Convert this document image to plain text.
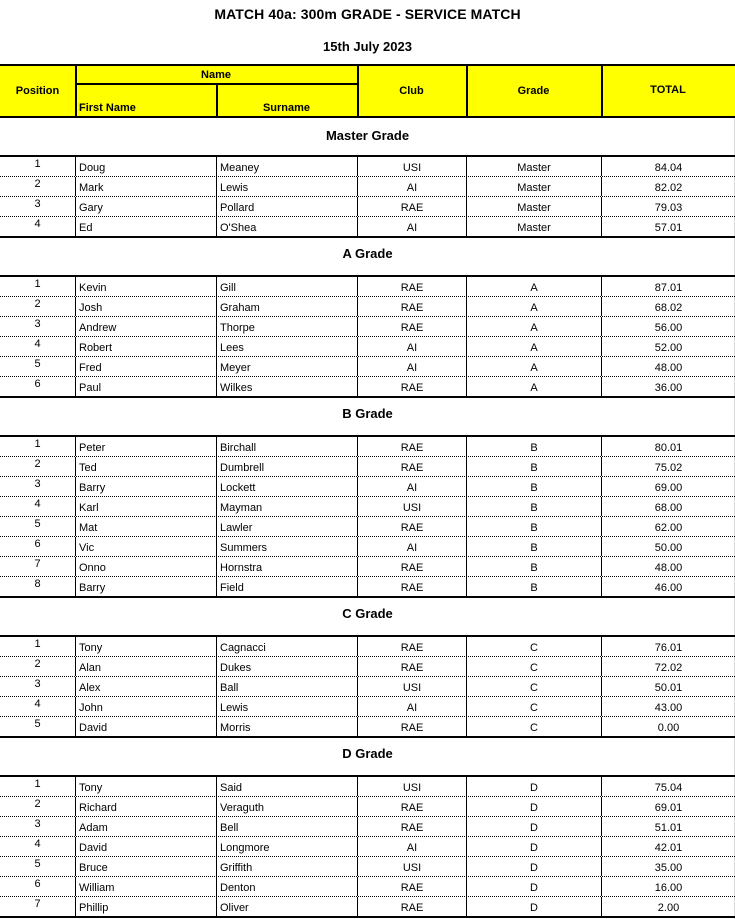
MATCH 40a: 300m GRADE - SERVICE MATCH
15th July 2023
Position
Name
First Name	Surname
Club	Grade	TOTAL
Master Grade
1	Doug	Meaney	USI	Master	84.04
2	Mark	Lewis	AI	Master	82.02
3	Gary	Pollard	RAE	Master	79.03
4	Ed	O'Shea	AI	Master	57.01
A Grade
1	Kevin	Gill	RAE	A	87.01
2	Josh	Graham	RAE	A	68.02
3	Andrew	Thorpe	RAE	A	56.00
4	Robert	Lees	AI	A	52.00
5	Fred	Meyer	AI	A	48.00
6	Paul	Wilkes	RAE	A	36.00
B Grade
1	Peter	Birchall	RAE	B	80.01
2	Ted	Dumbrell	RAE	B	75.02
3	Barry	Lockett	AI	B	69.00
4	Karl	Mayman	USI	B	68.00
5	Mat	Lawler	RAE	B	62.00
6	Vic	Summers	AI	B	50.00
7	Onno	Hornstra	RAE	B	48.00
8	Barry	Field	RAE	B	46.00
C Grade
1	Tony	Cagnacci	RAE	C	76.01
2	Alan	Dukes	RAE	C	72.02
3	Alex	Ball	USI	C	50.01
4	John	Lewis	AI	C	43.00
5	David	Morris	RAE	C	0.00
D Grade
1	Tony	Said	USI	D	75.04
2	Richard	Veraguth	RAE	D	69.01
3	Adam	Bell	RAE	D	51.01
4	David	Longmore	AI	D	42.01
5	Bruce	Griffith	USI	D	35.00
6	William	Denton	RAE	D	16.00
7	Phillip	Oliver	RAE	D	2.00
